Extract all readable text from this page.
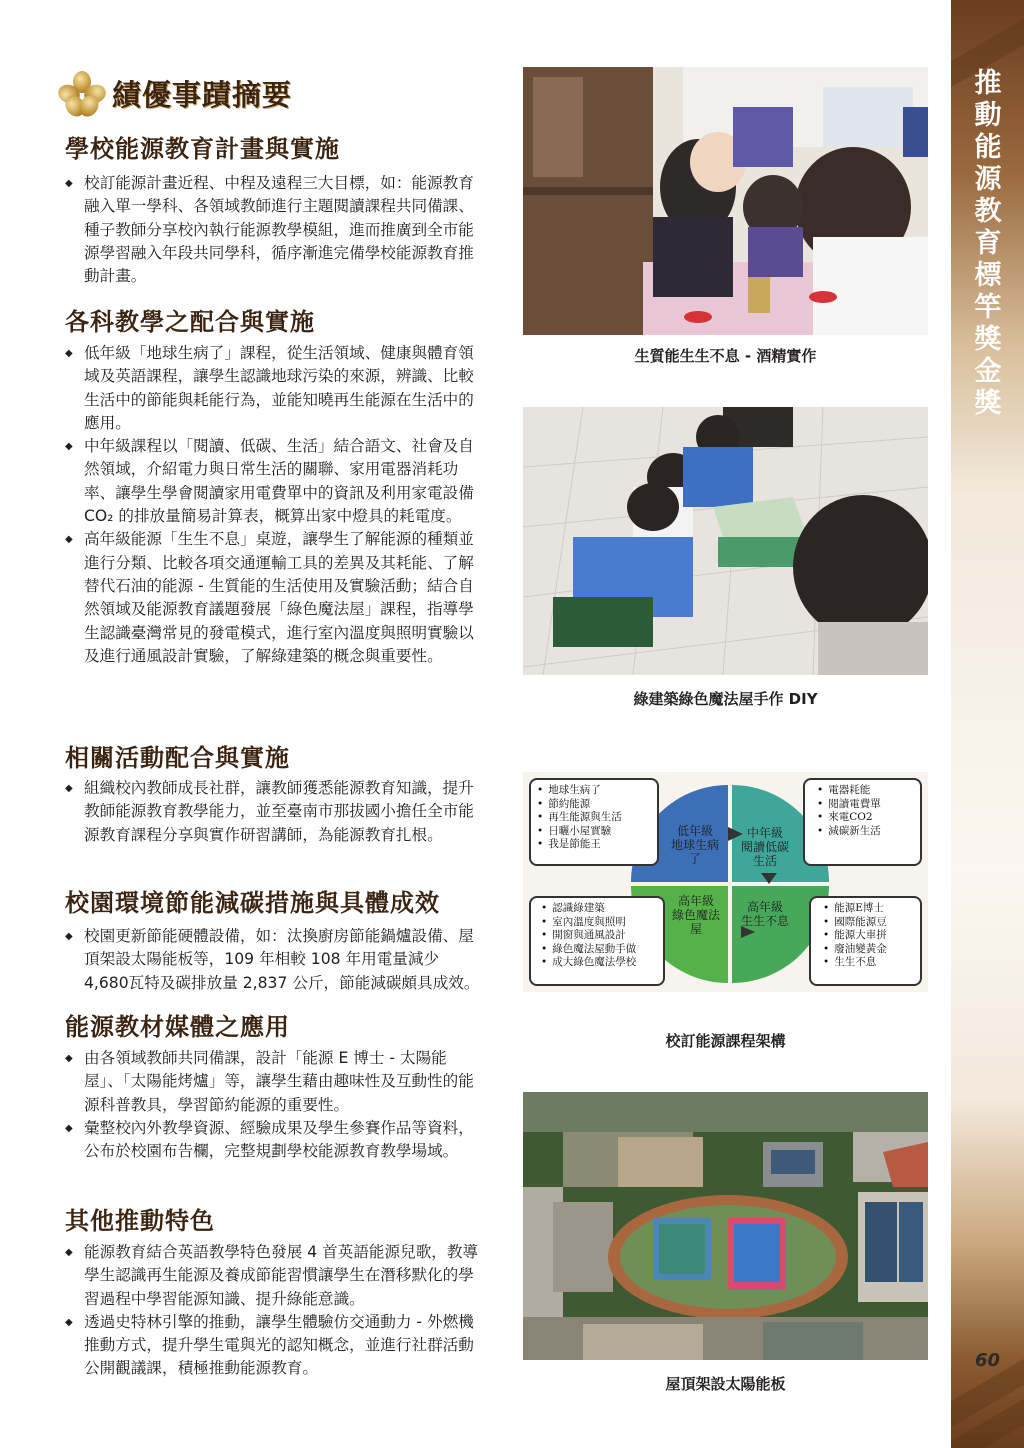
推動能源教育標竿獎 金獎
60
績優事蹟摘要
學校能源教育計畫與實施
◆ 校訂能源計畫近程、中程及遠程三大目標，如：能源教育融入單一學科、各領域教師進行主題閱讀課程共同備課、種子教師分享校內執行能源教學模組，進而推廣到全市能源學習融入年段共同學科，循序漸進完備學校能源教育推動計畫。
各科教學之配合與實施
◆ 低年級「地球生病了」課程，從生活領域、健康與體育領域及英語課程，讓學生認識地球污染的來源，辨識、比較生活中的節能與耗能行為，並能知曉再生能源在生活中的應用。
◆ 中年級課程以「閱讀、低碳、生活」結合語文、社會及自然領域，介紹電力與日常生活的關聯、家用電器消耗功率、讓學生學會閱讀家用電費單中的資訊及利用家電設備 CO₂ 的排放量簡易計算表，概算出家中燈具的耗電度。
◆ 高年級能源「生生不息」桌遊，讓學生了解能源的種類並進行分類、比較各項交通運輸工具的差異及其耗能、了解替代石油的能源 - 生質能的生活使用及實驗活動；結合自然領域及能源教育議題發展「綠色魔法屋」課程，指導學生認識臺灣常見的發電模式，進行室內溫度與照明實驗以及進行通風設計實驗，了解綠建築的概念與重要性。
相關活動配合與實施
◆ 組織校內教師成長社群，讓教師獲悉能源教育知識，提升教師能源教育教學能力，並至臺南市那拔國小擔任全市能源教育課程分享與實作研習講師，為能源教育扎根。
校園環境節能減碳措施與具體成效
◆ 校園更新節能硬體設備，如：汰換廚房節能鍋爐設備、屋頂架設太陽能板等，109 年相較 108 年用電量減少 4,680瓦特及碳排放量 2,837 公斤，節能減碳頗具成效。
能源教材媒體之應用
◆ 由各領域教師共同備課，設計「能源 E 博士 - 太陽能屋」、「太陽能烤爐」等，讓學生藉由趣味性及互動性的能源科普教具，學習節約能源的重要性。
◆ 彙整校內外教學資源、經驗成果及學生參賽作品等資料，公布於校園布告欄，完整規劃學校能源教育教學場域。
其他推動特色
◆ 能源教育結合英語教學特色發展 4 首英語能源兒歌，教導學生認識再生能源及養成節能習慣讓學生在潛移默化的學習過程中學習能源知識、提升綠能意識。
◆ 透過史特林引擎的推動，讓學生體驗仿交通動力 - 外燃機推動方式，提升學生電與光的認知概念，並進行社群活動公開觀議課，積極推動能源教育。
生質能生生不息 - 酒精實作
綠建築綠色魔法屋手作 DIY
• 地球生病了
• 節約能源
• 再生能源與生活
• 日曬小屋實驗
• 我是節能王
• 電器耗能
• 閱讀電費單
• 來電CO2
• 減碳新生活
• 認識綠建築
• 室內溫度與照明
• 開窗與通風設計
• 綠色魔法屋動手做
• 成大綠色魔法學校
• 能源E博士
• 國際能源豆
• 能源大車拼
• 廢油變黃金
• 生生不息
低年級
地球生病了
中年級
閱讀低碳
生活
高年級
綠色魔法屋
高年級
生生不息
校訂能源課程架構
屋頂架設太陽能板
